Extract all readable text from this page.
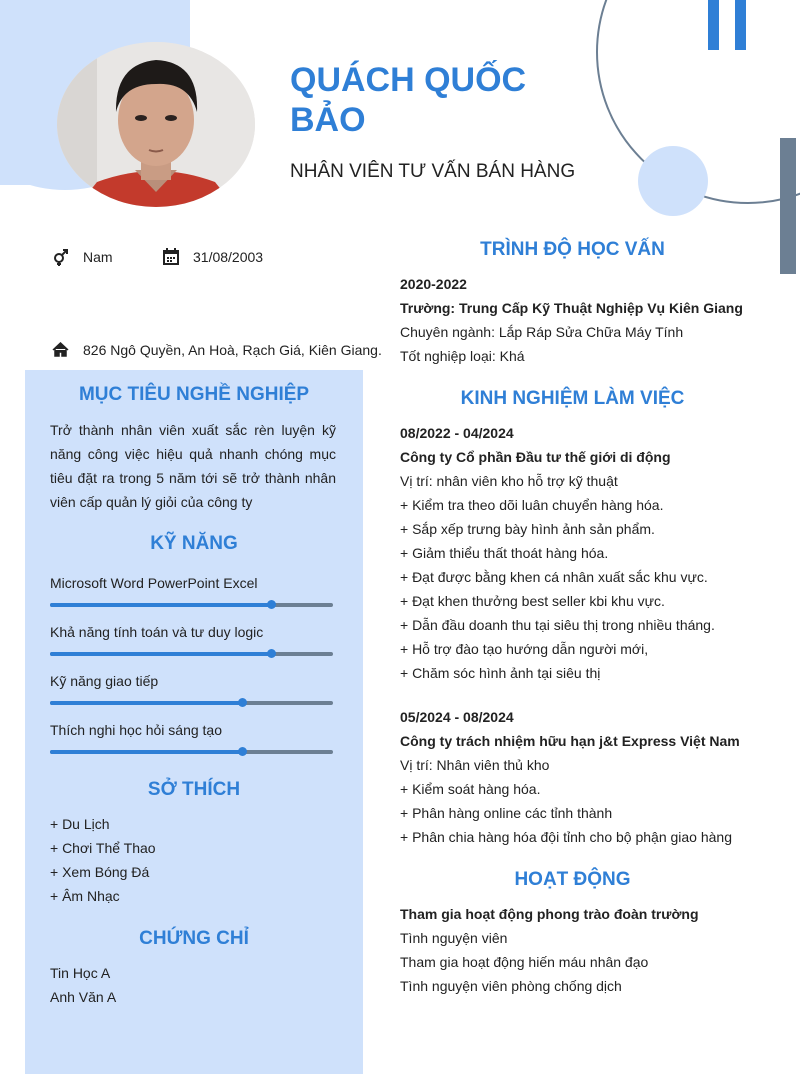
QUÁCH QUỐC BẢO
NHÂN VIÊN TƯ VẤN BÁN HÀNG
Nam	31/08/2003
826 Ngô Quyền, An Hoà, Rạch Giá, Kiên Giang.
MỤC TIÊU NGHỀ NGHIỆP
Trở thành nhân viên xuất sắc rèn luyện kỹ năng công việc hiệu quả nhanh chóng mục tiêu đặt ra trong 5 năm tới sẽ trở thành nhân viên cấp quản lý giỏi của công ty
KỸ NĂNG
Microsoft Word PowerPoint Excel
Khả năng tính toán và tư duy logic
Kỹ năng giao tiếp
Thích nghi học hỏi sáng tạo
SỞ THÍCH
+ Du Lịch
+ Chơi Thể Thao
+ Xem Bóng Đá
+ Âm Nhạc
CHỨNG CHỈ
Tin Học A
Anh Văn A
TRÌNH ĐỘ HỌC VẤN
2020-2022
Trường: Trung Cấp Kỹ Thuật Nghiệp Vụ Kiên Giang
Chuyên ngành: Lắp Ráp Sửa Chữa Máy Tính
Tốt nghiệp loại: Khá
KINH NGHIỆM LÀM VIỆC
08/2022 - 04/2024
Công ty Cổ phần Đầu tư thế giới di động
Vị trí: nhân viên kho hỗ trợ kỹ thuật
+ Kiểm tra theo dõi luân chuyển hàng hóa.
+ Sắp xếp trưng bày hình ảnh sản phẩm.
+ Giảm thiểu thất thoát hàng hóa.
+ Đạt được bằng khen cá nhân xuất sắc khu vực.
+ Đạt khen thưởng best seller kbi khu vực.
+ Dẫn đầu doanh thu tại siêu thị trong nhiều tháng.
+ Hỗ trợ đào tạo hướng dẫn người mới,
+ Chăm sóc hình ảnh tại siêu thị
05/2024 - 08/2024
Công ty trách nhiệm hữu hạn j&t Express Việt Nam
Vị trí: Nhân viên thủ kho
+ Kiểm soát hàng hóa.
+ Phân hàng online các tỉnh thành
+ Phân chia hàng hóa đội tỉnh cho bộ phận giao hàng
HOẠT ĐỘNG
Tham gia hoạt động phong trào đoàn trường
Tình nguyện viên
Tham gia hoạt động hiến máu nhân đạo
Tình nguyện viên phòng chống dịch
